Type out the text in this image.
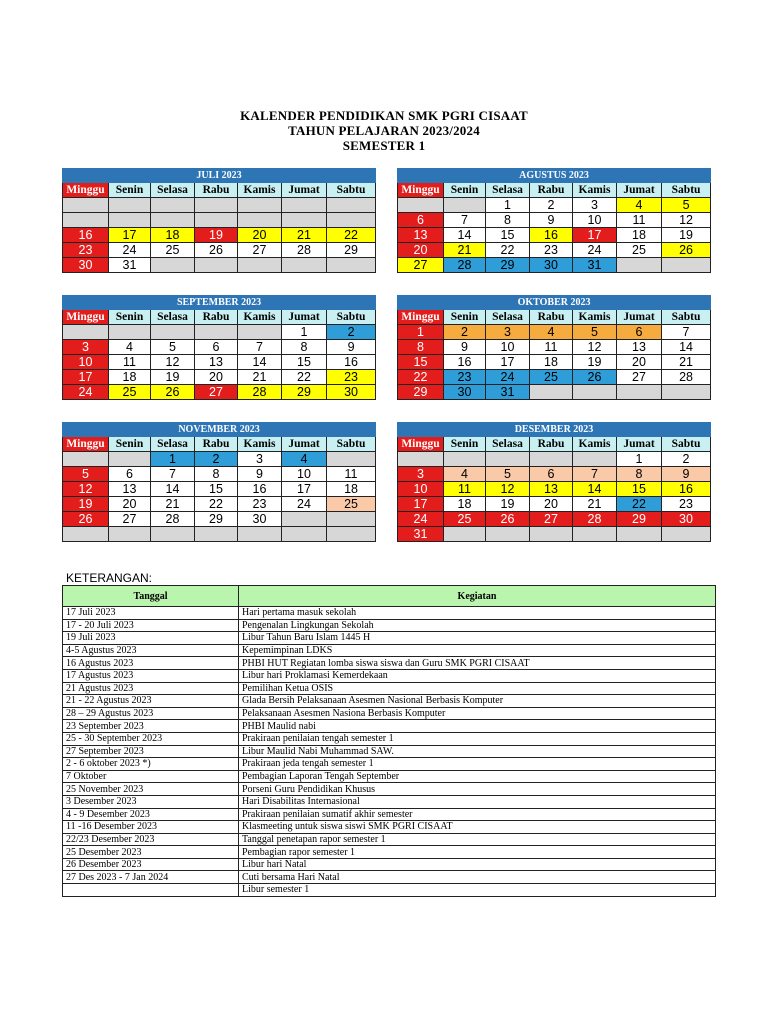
KALENDER PENDIDIKAN SMK PGRI CISAAT
TAHUN PELAJARAN 2023/2024
SEMESTER 1
JULI 2023						
Minggu	Senin	Selasa	Rabu	Kamis	Jumat	Sabtu

16	17	18	19	20	21	22
23	24	25	26	27	28	29
30	31					
AGUSTUS 2023						
Minggu	Senin	Selasa	Rabu	Kamis	Jumat	Sabtu
		1	2	3	4	5
6	7	8	9	10	11	12
13	14	15	16	17	18	19
20	21	22	23	24	25	26
27	28	29	30	31		
SEPTEMBER 2023						
Minggu	Senin	Selasa	Rabu	Kamis	Jumat	Sabtu
					1	2
3	4	5	6	7	8	9
10	11	12	13	14	15	16
17	18	19	20	21	22	23
24	25	26	27	28	29	30
OKTOBER 2023						
Minggu	Senin	Selasa	Rabu	Kamis	Jumat	Sabtu
1	2	3	4	5	6	7
8	9	10	11	12	13	14
15	16	17	18	19	20	21
22	23	24	25	26	27	28
29	30	31				
NOVEMBER 2023						
Minggu	Senin	Selasa	Rabu	Kamis	Jumat	Sabtu
		1	2	3	4	
5	6	7	8	9	10	11
12	13	14	15	16	17	18
19	20	21	22	23	24	25
26	27	28	29	30		

DESEMBER 2023						
Minggu	Senin	Selasa	Rabu	Kamis	Jumat	Sabtu
					1	2
3	4	5	6	7	8	9
10	11	12	13	14	15	16
17	18	19	20	21	22	23
24	25	26	27	28	29	30
31						
KETERANGAN:
Tanggal	Kegiatan
17 Juli 2023	Hari pertama masuk sekolah
17 - 20 Juli 2023	Pengenalan Lingkungan Sekolah
19 Juli 2023	Libur Tahun Baru Islam 1445 H
4-5 Agustus 2023	Kepemimpinan LDKS
16 Agustus 2023	PHBI HUT Regiatan lomba siswa siswa dan Guru SMK PGRI CISAAT
17 Agustus 2023	Libur hari Proklamasi Kemerdekaan
21 Agustus 2023	Pemilihan Ketua OSIS
21 - 22 Agustus 2023	Glada Bersih Pelaksanaan Asesmen Nasional Berbasis Komputer
28 – 29 Agustus 2023	Pelaksanaan Asesmen Nasiona Berbasis Komputer
23 September 2023	PHBI Maulid nabi
25 - 30 September 2023	Prakiraan penilaian tengah semester 1
27 September 2023	Libur Maulid Nabi Muhammad SAW.
2 - 6 oktober 2023 *)	Prakiraan jeda tengah semester 1
7 Oktober	Pembagian Laporan Tengah September
25 November 2023	Porseni Guru Pendidikan Khusus
3 Desember 2023	Hari Disabilitas Internasional
4 - 9 Desember 2023	Prakiraan penilaian sumatif akhir semester
11 -16 Desember 2023	Klasmeeting untuk siswa siswi SMK PGRI CISAAT
22/23 Desember 2023	Tanggal penetapan rapor semester 1
25 Desember 2023	Pembagian rapor semester 1
26 Desember 2023	Libur hari Natal
27 Des 2023 - 7 Jan 2024	Cuti bersama Hari Natal
	Libur semester 1
